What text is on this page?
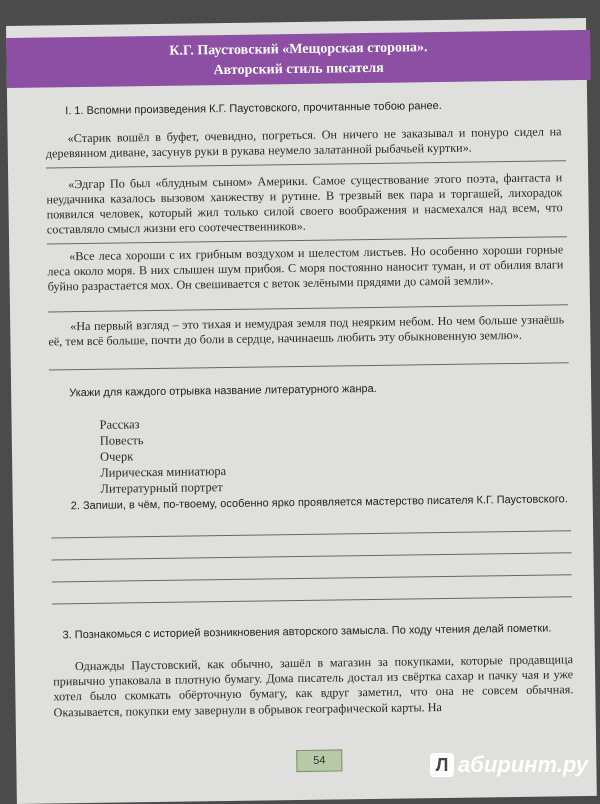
К.Г. Паустовский «Мещорская сторона».
Авторский стиль писателя
I. 1. Вспомни произведения К.Г. Паустовского, прочитанные тобою ранее.

«Старик вошёл в буфет, очевидно, погреться. Он ничего не заказывал и понуро сидел на деревянном диване, засунув руки в рукава неумело залатанной рыбачьей куртки».

«Эдгар По был «блудным сыном» Америки. Самое существование этого поэта, фантаста и неудачника казалось вызовом ханжеству и рутине. В трезвый век пара и торгашей, лихорадок появился человек, который жил только силой своего воображения и насмехался над всем, что составляло смысл жизни его соотечественников».

«Все леса хороши с их грибным воздухом и шелестом листьев. Но особенно хороши горные леса около моря. В них слышен шум прибоя. С моря постоянно наносит туман, и от обилия влаги буйно разрастается мох. Он свешивается с веток зелёными прядями до самой земли».

«На первый взгляд – это тихая и немудрая земля под неярким небом. Но чем больше узнаёшь её, тем всё больше, почти до боли в сердце, начинаешь любить эту обыкновенную землю».

Укажи для каждого отрывка название литературного жанра.
Рассказ
Повесть
Очерк
Лирическая миниатюра
Литературный портрет
2. Запиши, в чём, по-твоему, особенно ярко проявляется мастерство писателя К.Г. Паустовского.
3. Познакомься с историей возникновения авторского замысла. По ходу чтения делай пометки.

Однажды Паустовский, как обычно, зашёл в магазин за покупками, которые продавщица привычно упаковала в плотную бумагу. Дома писатель достал из свёртка сахар и пачку чая и уже хотел было скомкать обёрточную бумагу, как вдруг заметил, что она не совсем обычная. Оказывается, покупки ему завернули в обрывок географической карты. На

54	Л абиринт.ру
